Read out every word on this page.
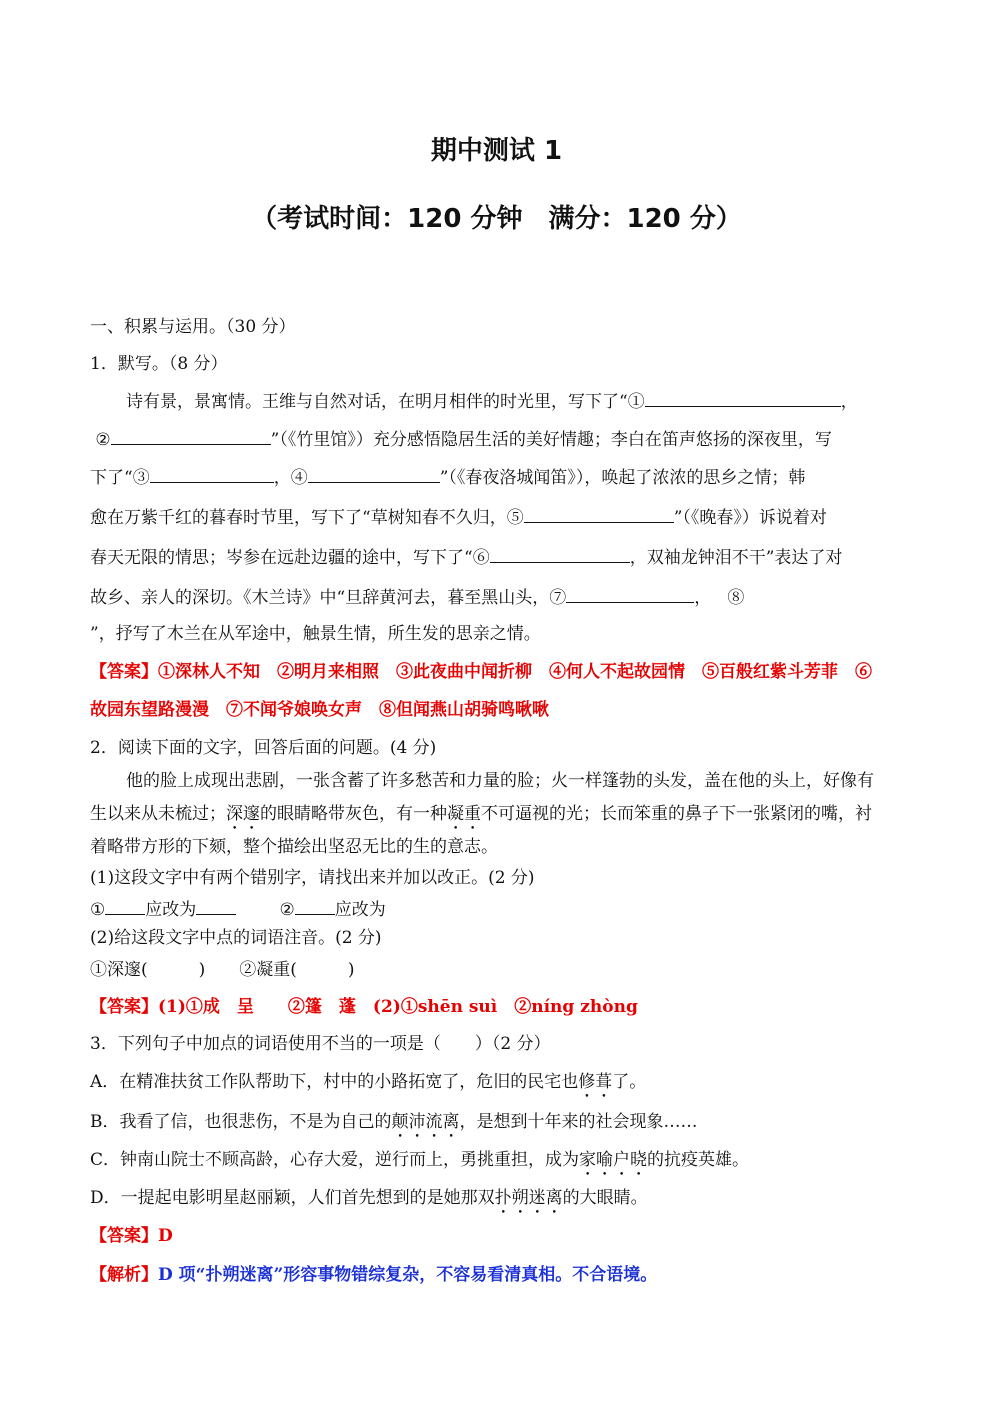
期中测试 1
（考试时间：120 分钟　满分：120 分）
一、积累与运用。（30 分）
1．默写。（8 分）
诗有景，景寓情。王维与自然对话，在明月相伴的时光里，写下了“①	，
②	”（《竹里馆》）充分感悟隐居生活的美好情趣；李白在笛声悠扬的深夜里，写
下了“③	，④	”（《春夜洛城闻笛》），唤起了浓浓的思乡之情；韩
愈在万紫千红的暮春时节里，写下了“草树知春不久归，⑤	”（《晚春》）诉说着对
春天无限的情思；岑参在远赴边疆的途中，写下了“⑥	，双袖龙钟泪不干”表达了对
故乡、亲人的深切。《木兰诗》中“旦辞黄河去，暮至黑山头，⑦	， ⑧
”，抒写了木兰在从军途中，触景生情，所生发的思亲之情。
【答案】①深林人不知　②明月来相照　③此夜曲中闻折柳　④何人不起故园情　⑤百般红紫斗芳菲　⑥
故园东望路漫漫　⑦不闻爷娘唤女声　⑧但闻燕山胡骑鸣啾啾
2．阅读下面的文字，回答后面的问题。(4 分)
他的脸上成现出悲剧，一张含蓄了许多愁苦和力量的脸；火一样篷勃的头发，盖在他的头上，好像有
生以来从未梳过；深邃的眼睛略带灰色，有一种凝重不可逼视的光；长而笨重的鼻子下一张紧闭的嘴，衬
着略带方形的下颏，整个描绘出坚忍无比的生的意志。
(1)这段文字中有两个错别字，请找出来并加以改正。(2 分)
① 应改为	② 应改为
(2)给这段文字中点的词语注音。(2 分)
①深邃(　　　)　　②凝重(　　　)
【答案】(1)①成　呈　　②篷　蓬　(2)①shēn suì　②níng zhòng
3．下列句子中加点的词语使用不当的一项是（　　）（2 分）
A．在精准扶贫工作队帮助下，村中的小路拓宽了，危旧的民宅也修葺了。
B．我看了信，也很悲伤，不是为自己的颠沛流离，是想到十年来的社会现象……
C．钟南山院士不顾高龄，心存大爱，逆行而上，勇挑重担，成为家喻户晓的抗疫英雄。
D．一提起电影明星赵丽颖，人们首先想到的是她那双扑朔迷离的大眼睛。
【答案】D
【解析】D 项“扑朔迷离”形容事物错综复杂，不容易看清真相。不合语境。
